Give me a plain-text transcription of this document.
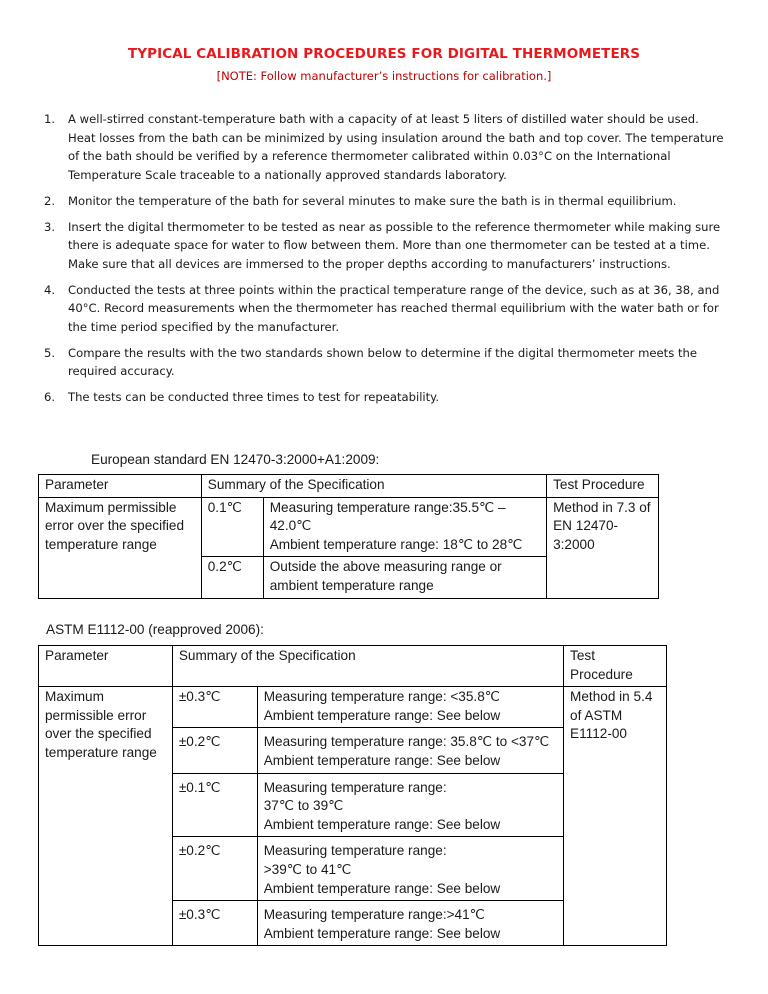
TYPICAL CALIBRATION PROCEDURES FOR DIGITAL THERMOMETERS
[NOTE: Follow manufacturer’s instructions for calibration.]
1. A well-stirred constant-temperature bath with a capacity of at least 5 liters of distilled water should be used. Heat losses from the bath can be minimized by using insulation around the bath and top cover. The temperature of the bath should be verified by a reference thermometer calibrated within 0.03°C on the International Temperature Scale traceable to a nationally approved standards laboratory.
2. Monitor the temperature of the bath for several minutes to make sure the bath is in thermal equilibrium.
3. Insert the digital thermometer to be tested as near as possible to the reference thermometer while making sure there is adequate space for water to flow between them. More than one thermometer can be tested at a time. Make sure that all devices are immersed to the proper depths according to manufacturers’ instructions.
4. Conducted the tests at three points within the practical temperature range of the device, such as at 36, 38, and 40°C. Record measurements when the thermometer has reached thermal equilibrium with the water bath or for the time period specified by the manufacturer.
5. Compare the results with the two standards shown below to determine if the digital thermometer meets the required accuracy.
6. The tests can be conducted three times to test for repeatability.
European standard EN 12470-3:2000+A1:2009:
Parameter	Summary of the Specification		Test Procedure
Maximum permissible error over the specified temperature range	0.1℃	Measuring temperature range:35.5℃ –
42.0℃
Ambient temperature range: 18℃ to 28℃	Method in 7.3 of EN 12470-3:2000
	0.2℃	Outside the above measuring range or
ambient temperature range	
ASTM E1112-00 (reapproved 2006):
Parameter	Summary of the Specification		Test Procedure
Maximum permissible error over the specified temperature range	±0.3℃	Measuring temperature range: <35.8℃
Ambient temperature range: See below	Method in 5.4 of ASTM E1112-00
	±0.2℃	Measuring temperature range: 35.8℃ to <37℃
Ambient temperature range: See below	

	±0.1℃	Measuring temperature range:
37℃ to 39℃
Ambient temperature range: See below	

	±0.2℃	Measuring temperature range:
>39℃ to 41℃
Ambient temperature range: See below	

	±0.3℃	Measuring temperature range:>41℃
Ambient temperature range: See below	
